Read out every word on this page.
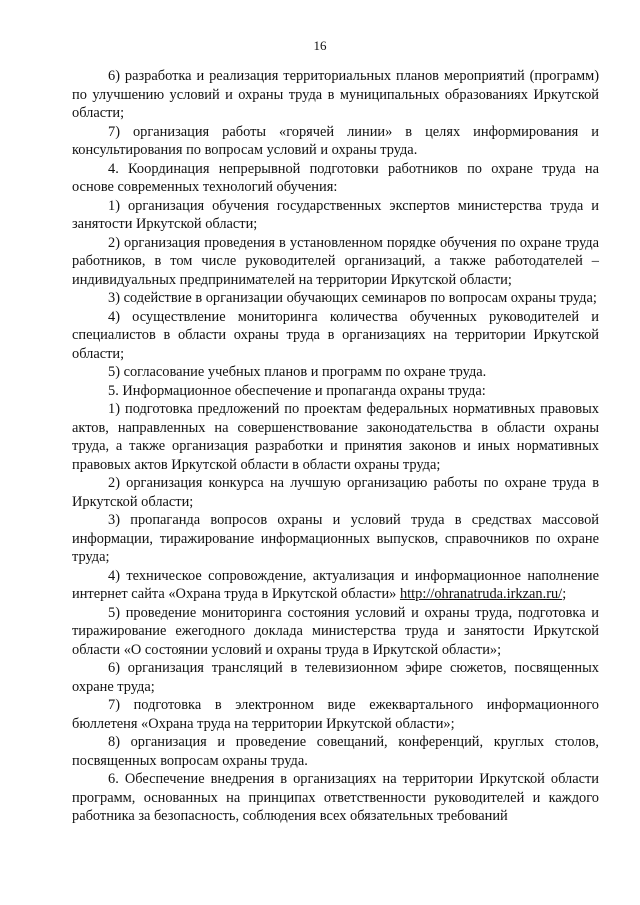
16

6) разработка и реализация территориальных планов мероприятий (программ) по улучшению условий и охраны труда в муниципальных образованиях Иркутской области;

7) организация работы «горячей линии» в целях информирования и консультирования по вопросам условий и охраны труда.

4. Координация непрерывной подготовки работников по охране труда на основе современных технологий обучения:

1) организация обучения государственных экспертов министерства труда и занятости Иркутской области;

2) организация проведения в установленном порядке обучения по охране труда работников, в том числе руководителей организаций, а также работодателей – индивидуальных предпринимателей на территории Иркутской области;

3) содействие в организации обучающих семинаров по вопросам охраны труда;

4) осуществление мониторинга количества обученных руководителей и специалистов в области охраны труда в организациях на территории Иркутской области;

5) согласование учебных планов и программ по охране труда.

5. Информационное обеспечение и пропаганда охраны труда:

1) подготовка предложений по проектам федеральных нормативных правовых актов, направленных на совершенствование законодательства в области охраны труда, а также организация разработки и принятия законов и иных нормативных правовых актов Иркутской области в области охраны труда;

2) организация конкурса на лучшую организацию работы по охране труда в Иркутской области;

3) пропаганда вопросов охраны и условий труда в средствах массовой информации, тиражирование информационных выпусков, справочников по охране труда;

4) техническое сопровождение, актуализация и информационное наполнение интернет сайта «Охрана труда в Иркутской области» http://ohranatruda.irkzan.ru/;

5) проведение мониторинга состояния условий и охраны труда, подготовка и тиражирование ежегодного доклада министерства труда и занятости Иркутской области «О состоянии условий и охраны труда в Иркутской области»;

6) организация трансляций в телевизионном эфире сюжетов, посвященных охране труда;

7) подготовка в электронном виде ежеквартального информационного бюллетеня «Охрана труда на территории Иркутской области»;

8) организация и проведение совещаний, конференций, круглых столов, посвященных вопросам охраны труда.

6. Обеспечение внедрения в организациях на территории Иркутской области программ, основанных на принципах ответственности руководителей и каждого работника за безопасность, соблюдения всех обязательных требований
